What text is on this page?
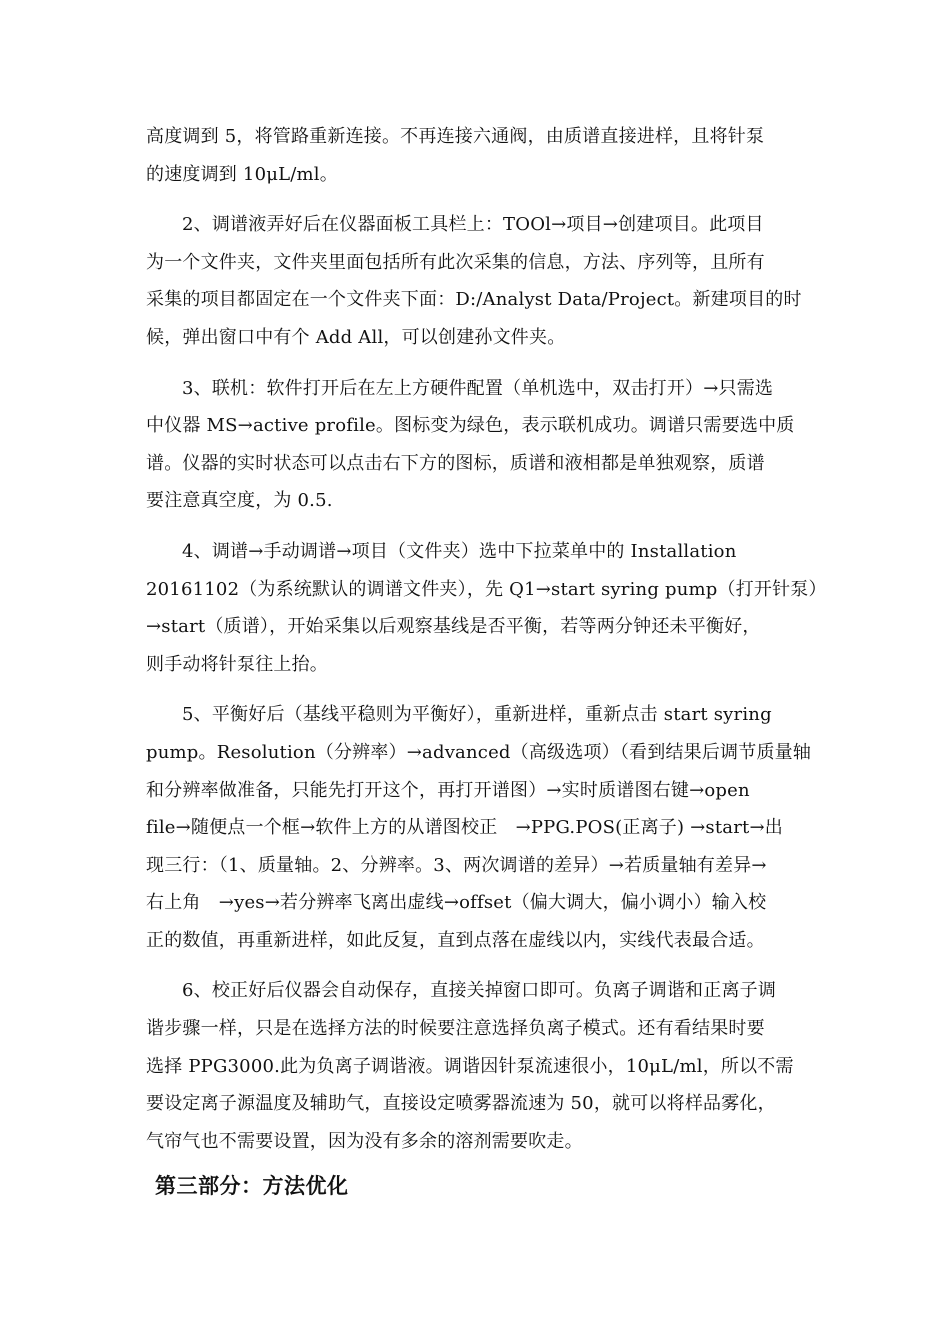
高度调到 5，将管路重新连接。不再连接六通阀，由质谱直接进样，且将针泵
的速度调到 10μL/ml。

2、调谱液弄好后在仪器面板工具栏上：TOOl→项目→创建项目。此项目
为一个文件夹，文件夹里面包括所有此次采集的信息，方法、序列等，且所有
采集的项目都固定在一个文件夹下面：D:/Analyst Data/Project。新建项目的时
候，弹出窗口中有个 Add All，可以创建孙文件夹。

3、联机：软件打开后在左上方硬件配置（单机选中，双击打开）→只需选
中仪器 MS→active profile。图标变为绿色，表示联机成功。调谱只需要选中质
谱。仪器的实时状态可以点击右下方的图标，质谱和液相都是单独观察，质谱
要注意真空度，为 0.5.

4、调谱→手动调谱→项目（文件夹）选中下拉菜单中的 Installation
20161102（为系统默认的调谱文件夹），先 Q1→start syring pump（打开针泵）
→start（质谱），开始采集以后观察基线是否平衡，若等两分钟还未平衡好，
则手动将针泵往上抬。

5、平衡好后（基线平稳则为平衡好），重新进样，重新点击 start syring
pump。Resolution（分辨率）→advanced（高级选项）（看到结果后调节质量轴
和分辨率做准备，只能先打开这个，再打开谱图）→实时质谱图右键→open
file→随便点一个框→软件上方的从谱图校正　→PPG.POS(正离子) →start→出
现三行：（1、质量轴。2、分辨率。3、两次调谱的差异）→若质量轴有差异→
右上角　→yes→若分辨率飞离出虚线→offset（偏大调大，偏小调小）输入校
正的数值，再重新进样，如此反复，直到点落在虚线以内，实线代表最合适。

6、校正好后仪器会自动保存，直接关掉窗口即可。负离子调谐和正离子调
谐步骤一样，只是在选择方法的时候要注意选择负离子模式。还有看结果时要
选择 PPG3000.此为负离子调谐液。调谐因针泵流速很小，10μL/ml，所以不需
要设定离子源温度及辅助气，直接设定喷雾器流速为 50，就可以将样品雾化，
气帘气也不需要设置，因为没有多余的溶剂需要吹走。

第三部分：方法优化
